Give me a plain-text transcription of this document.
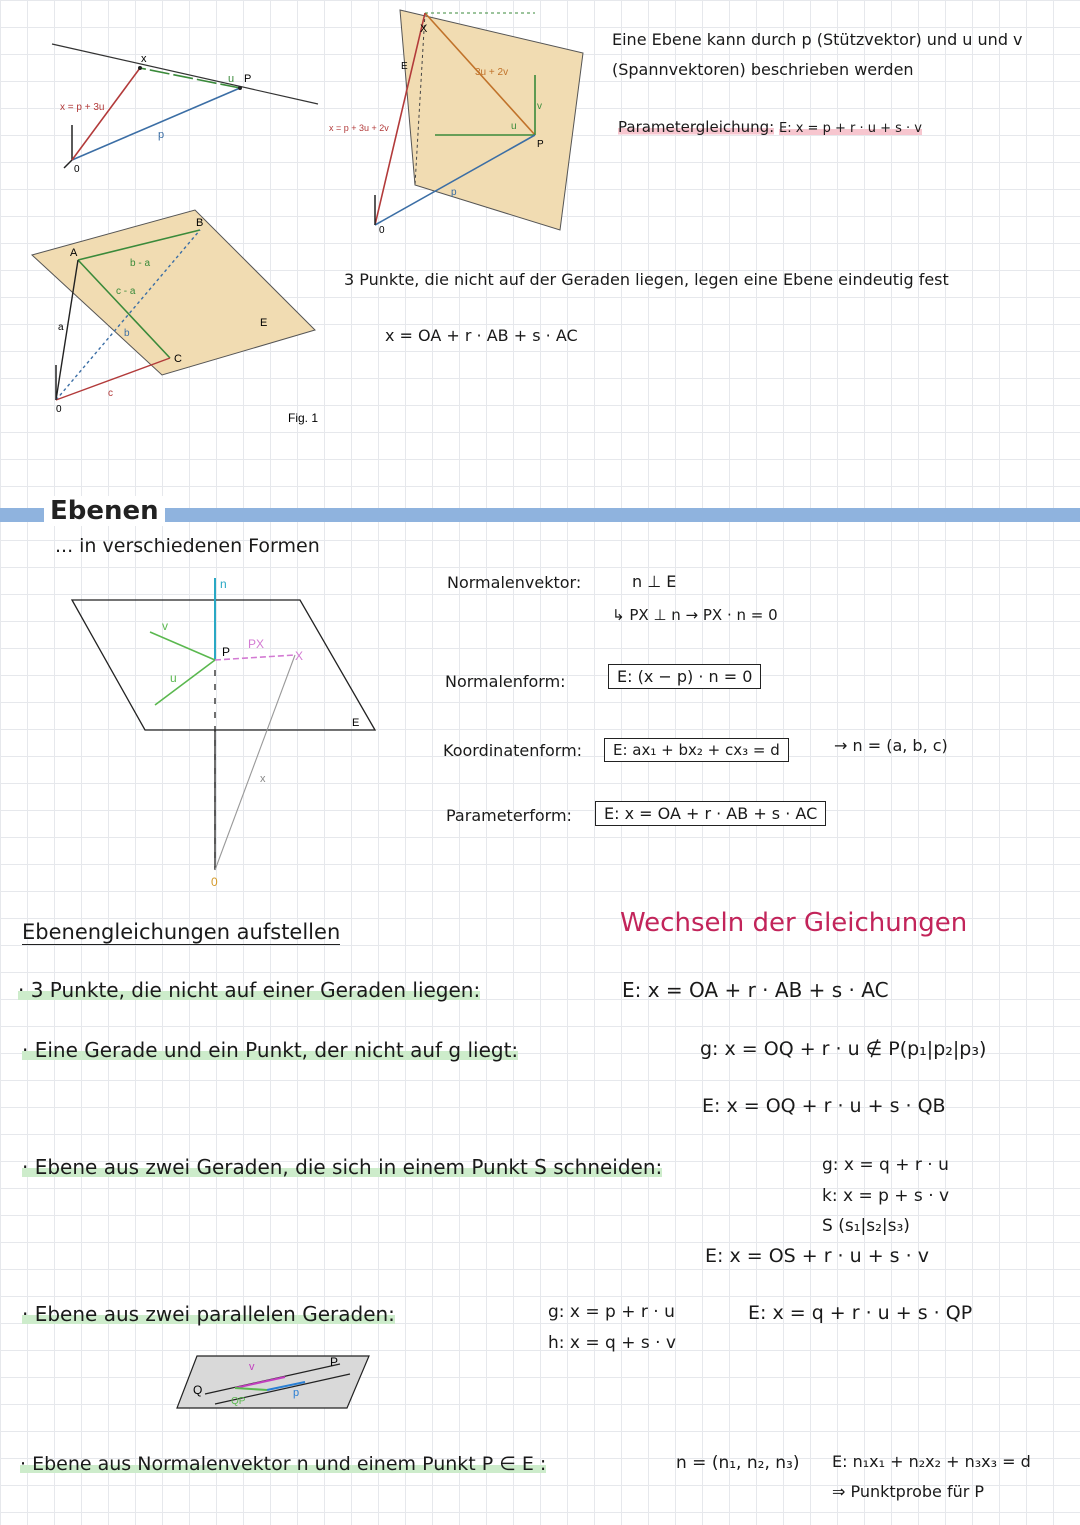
x
u P
p
x = p + 3u
0
X
E
3u + 2v
v
u
P
p
x = p + 3u + 2v
0
A
B
C
E
b - a
c - a
a
b
c
0
Fig. 1
Eine Ebene kann durch p (Stützvektor) und u und v
(Spannvektoren) beschrieben werden
Parametergleichung: E: x = p + r · u + s · v
3 Punkte, die nicht auf der Geraden liegen, legen eine Ebene eindeutig fest
x = OA + r · AB + s · AC
Ebenen
... in verschiedenen Formen
n
v
u
P
PX
X
E
x
0
Normalenvektor:	n ⊥ E
↳ PX ⊥ n → PX · n = 0
Normalenform:	E: (x − p) · n = 0
Koordinatenform:	E: ax₁ + bx₂ + cx₃ = d	→ n = (a, b, c)
Parameterform:	E: x = OA + r · AB + s · AC
Ebenengleichungen aufstellen	Wechseln der Gleichungen
· 3 Punkte, die nicht auf einer Geraden liegen:	E: x = OA + r · AB + s · AC
· Eine Gerade und ein Punkt, der nicht auf g liegt:	g: x = OQ + r · u ∉ P(p₁|p₂|p₃)
E: x = OQ + r · u + s · QB
· Ebene aus zwei Geraden, die sich in einem Punkt S schneiden:	g: x = q + r · u
k: x = p + s · v
S (s₁|s₂|s₃)
E: x = OS + r · u + s · v
· Ebene aus zwei parallelen Geraden:	g: x = p + r · u
h: x = q + s · v
E: x = q + r · u + s · QP
Q
P
v
QP
p
· Ebene aus Normalenvektor n und einem Punkt P ∈ E :	n = (n₁, n₂, n₃) E: n₁x₁ + n₂x₂ + n₃x₃ = d
⇒ Punktprobe für P
